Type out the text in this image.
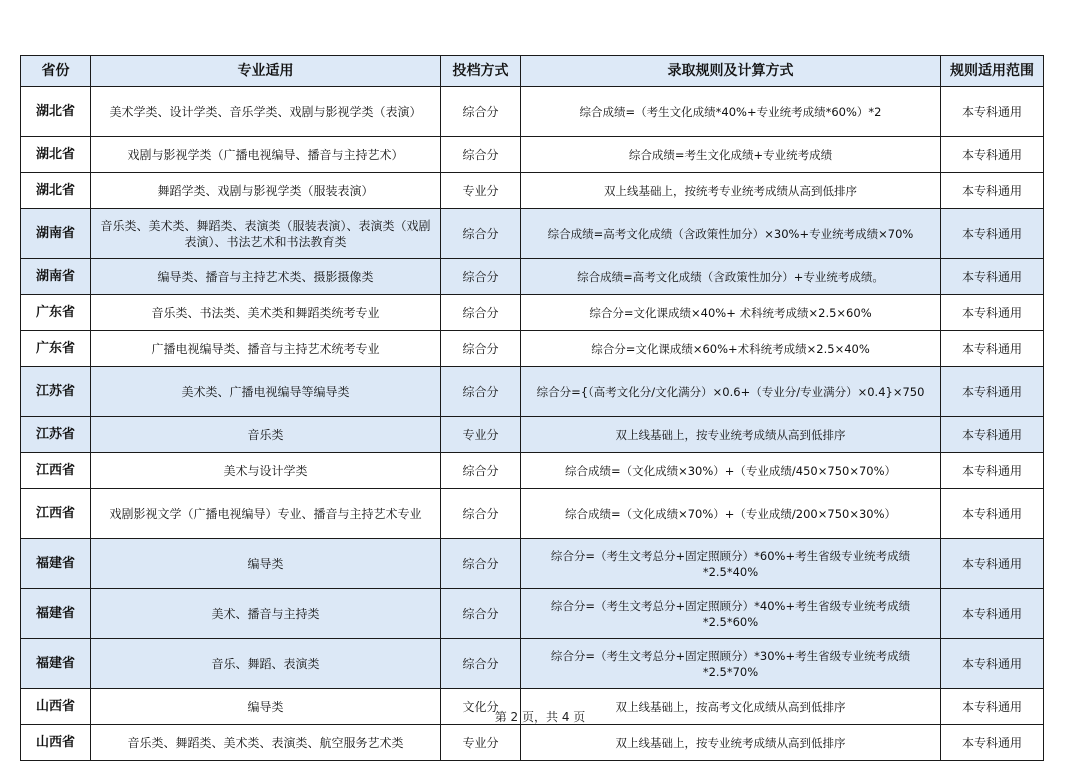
省份	专业适用	投档方式	录取规则及计算方式	规则适用范围
湖北省	美术学类、设计学类、音乐学类、戏剧与影视学类（表演）	综合分	综合成绩=（考生文化成绩*40%+专业统考成绩*60%）*2	本专科通用
湖北省	戏剧与影视学类（广播电视编导、播音与主持艺术）	综合分	综合成绩=考生文化成绩+专业统考成绩	本专科通用
湖北省	舞蹈学类、戏剧与影视学类（服装表演）	专业分	双上线基础上，按统考专业统考成绩从高到低排序	本专科通用
湖南省	音乐类、美术类、舞蹈类、表演类（服装表演）、表演类（戏剧表演）、书法艺术和书法教育类	综合分	综合成绩=高考文化成绩（含政策性加分）×30%+专业统考成绩×70%	本专科通用
湖南省	编导类、播音与主持艺术类、摄影摄像类	综合分	综合成绩=高考文化成绩（含政策性加分）+专业统考成绩。	本专科通用
广东省	音乐类、书法类、美术类和舞蹈类统考专业	综合分	综合分=文化课成绩×40%+ 术科统考成绩×2.5×60%	本专科通用
广东省	广播电视编导类、播音与主持艺术统考专业	综合分	综合分=文化课成绩×60%+术科统考成绩×2.5×40%	本专科通用
江苏省	美术类、广播电视编导等编导类	综合分	综合分={（高考文化分/文化满分）×0.6+（专业分/专业满分）×0.4}×750	本专科通用
江苏省	音乐类	专业分	双上线基础上，按专业统考成绩从高到低排序	本专科通用
江西省	美术与设计学类	综合分	综合成绩=（文化成绩×30%）+（专业成绩/450×750×70%）	本专科通用
江西省	戏剧影视文学（广播电视编导）专业、播音与主持艺术专业	综合分	综合成绩=（文化成绩×70%）+（专业成绩/200×750×30%）	本专科通用
福建省	编导类	综合分	综合分=（考生文考总分+固定照顾分）*60%+考生省级专业统考成绩*2.5*40%	本专科通用
福建省	美术、播音与主持类	综合分	综合分=（考生文考总分+固定照顾分）*40%+考生省级专业统考成绩*2.5*60%	本专科通用
福建省	音乐、舞蹈、表演类	综合分	综合分=（考生文考总分+固定照顾分）*30%+考生省级专业统考成绩*2.5*70%	本专科通用
山西省	编导类	文化分	双上线基础上，按高考文化成绩从高到低排序	本专科通用
山西省	音乐类、舞蹈类、美术类、表演类、航空服务艺术类	专业分	双上线基础上，按专业统考成绩从高到低排序	本专科通用
第 2 页，共 4 页
